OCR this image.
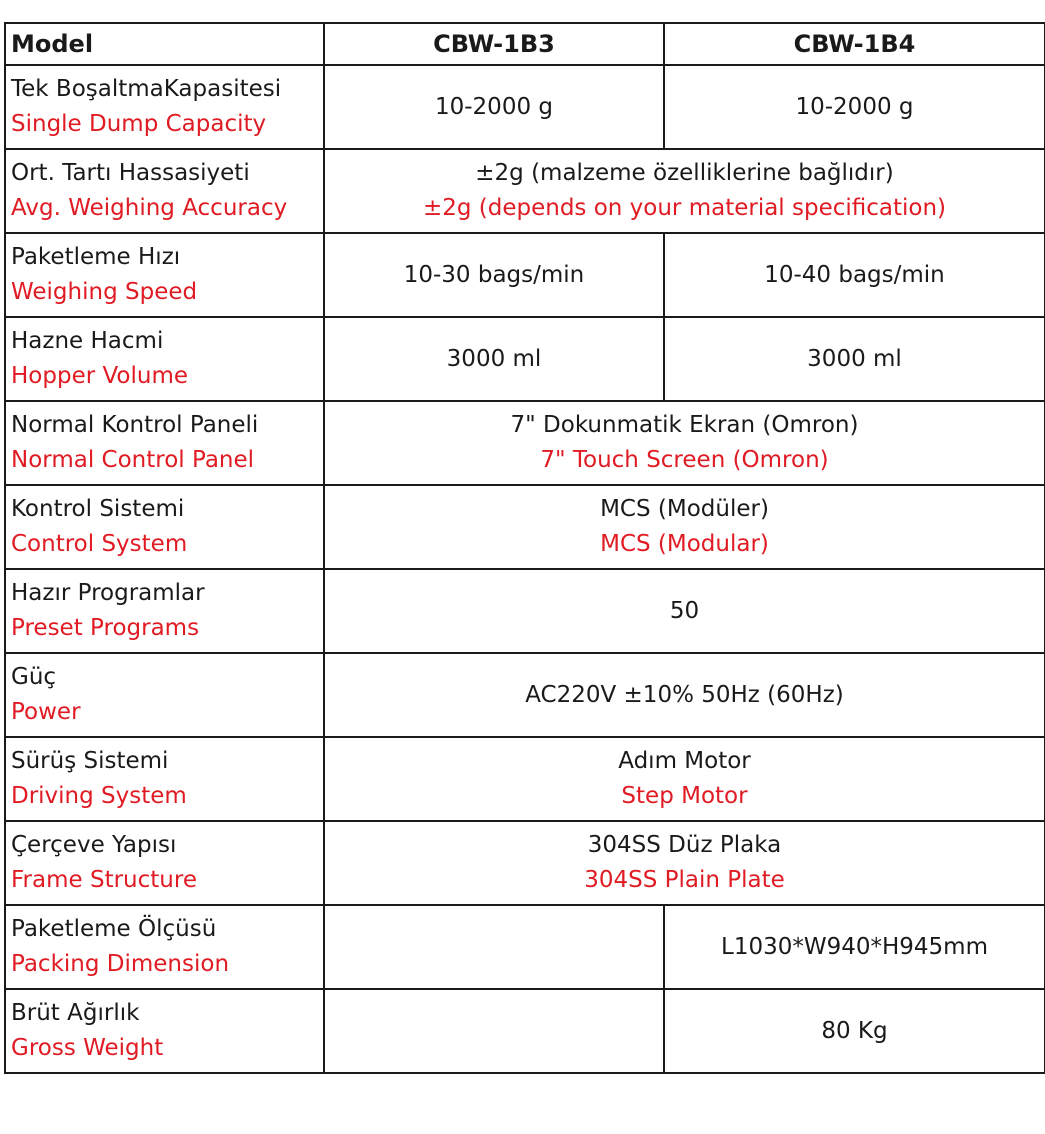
Model	CBW-1B3	CBW-1B4

Tek BoşaltmaKapasitesi
Single Dump Capacity	10-2000 g	10-2000 g

Ort. Tartı Hassasiyeti
Avg. Weighing Accuracy	±2g (malzeme özelliklerine bağlıdır)
±2g (depends on your material specification)	

Paketleme Hızı
Weighing Speed	10-30 bags/min	10-40 bags/min

Hazne Hacmi
Hopper Volume	3000 ml	3000 ml

Normal Kontrol Paneli
Normal Control Panel	7" Dokunmatik Ekran (Omron)
7" Touch Screen (Omron)	

Kontrol Sistemi
Control System	MCS (Modüler)
MCS (Modular)	

Hazır Programlar
Preset Programs	50	

Güç
Power	AC220V ±10% 50Hz (60Hz)	

Sürüş Sistemi
Driving System	Adım Motor
Step Motor	

Çerçeve Yapısı
Frame Structure	304SS Düz Plaka
304SS Plain Plate	

Paketleme Ölçüsü
Packing Dimension		L1030*W940*H945mm

Brüt Ağırlık
Gross Weight		80 Kg
